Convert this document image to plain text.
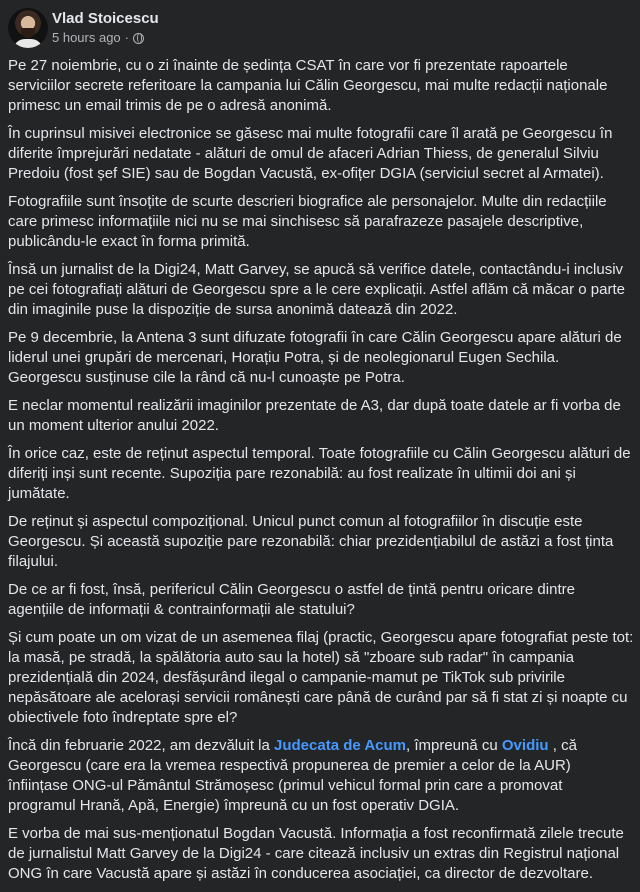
Vlad Stoicescu
5 hours ago ·

Pe 27 noiembrie, cu o zi înainte de ședința CSAT în care vor fi prezentate rapoartele serviciilor secrete referitoare la campania lui Călin Georgescu, mai multe redacții naționale primesc un email trimis de pe o adresă anonimă.

În cuprinsul misivei electronice se găsesc mai multe fotografii care îl arată pe Georgescu în diferite împrejurări nedatate - alături de omul de afaceri Adrian Thiess, de generalul Silviu Predoiu (fost șef SIE) sau de Bogdan Vacustă, ex-ofițer DGIA (serviciul secret al Armatei).

Fotografiile sunt însoțite de scurte descrieri biografice ale personajelor. Multe din redacțiile care primesc informațiile nici nu se mai sinchisesc să parafrazeze pasajele descriptive, publicându-le exact în forma primită.

Însă un jurnalist de la Digi24, Matt Garvey, se apucă să verifice datele, contactându-i inclusiv pe cei fotografiați alături de Georgescu spre a le cere explicații. Astfel aflăm că măcar o parte din imaginile puse la dispoziție de sursa anonimă datează din 2022.

Pe 9 decembrie, la Antena 3 sunt difuzate fotografii în care Călin Georgescu apare alături de liderul unei grupări de mercenari, Horațiu Potra, și de neolegionarul Eugen Sechila. Georgescu susținuse cile la rând că nu-l cunoaște pe Potra.

E neclar momentul realizării imaginilor prezentate de A3, dar după toate datele ar fi vorba de un moment ulterior anului 2022.

În orice caz, este de reținut aspectul temporal. Toate fotografiile cu Călin Georgescu alături de diferiți inși sunt recente. Supoziția pare rezonabilă: au fost realizate în ultimii doi ani și jumătate.

De reținut și aspectul compozițional. Unicul punct comun al fotografiilor în discuție este Georgescu. Și această supoziție pare rezonabilă: chiar prezidențiabilul de astăzi a fost ținta filajului.

De ce ar fi fost, însă, perifericul Călin Georgescu o astfel de țintă pentru oricare dintre agențiile de informații & contrainformații ale statului?

Și cum poate un om vizat de un asemenea filaj (practic, Georgescu apare fotografiat peste tot: la masă, pe stradă, la spălătoria auto sau la hotel) să "zboare sub radar" în campania prezidențială din 2024, desfășurând ilegal o campanie-mamut pe TikTok sub privirile nepăsătoare ale acelorași servicii românești care până de curând par să fi stat zi și noapte cu obiectivele foto îndreptate spre el?

Încă din februarie 2022, am dezvăluit la Judecata de Acum, împreună cu Ovidiu , că Georgescu (care era la vremea respectivă propunerea de premier a celor de la AUR) înființase ONG-ul Pământul Strămoșesc (primul vehicul formal prin care a promovat programul Hrană, Apă, Energie) împreună cu un fost operativ DGIA.

E vorba de mai sus-menționatul Bogdan Vacustă. Informația a fost reconfirmată zilele trecute de jurnalistul Matt Garvey de la Digi24 - care citează inclusiv un extras din Registrul național ONG în care Vacustă apare și astăzi în conducerea asociației, ca director de dezvoltare.
